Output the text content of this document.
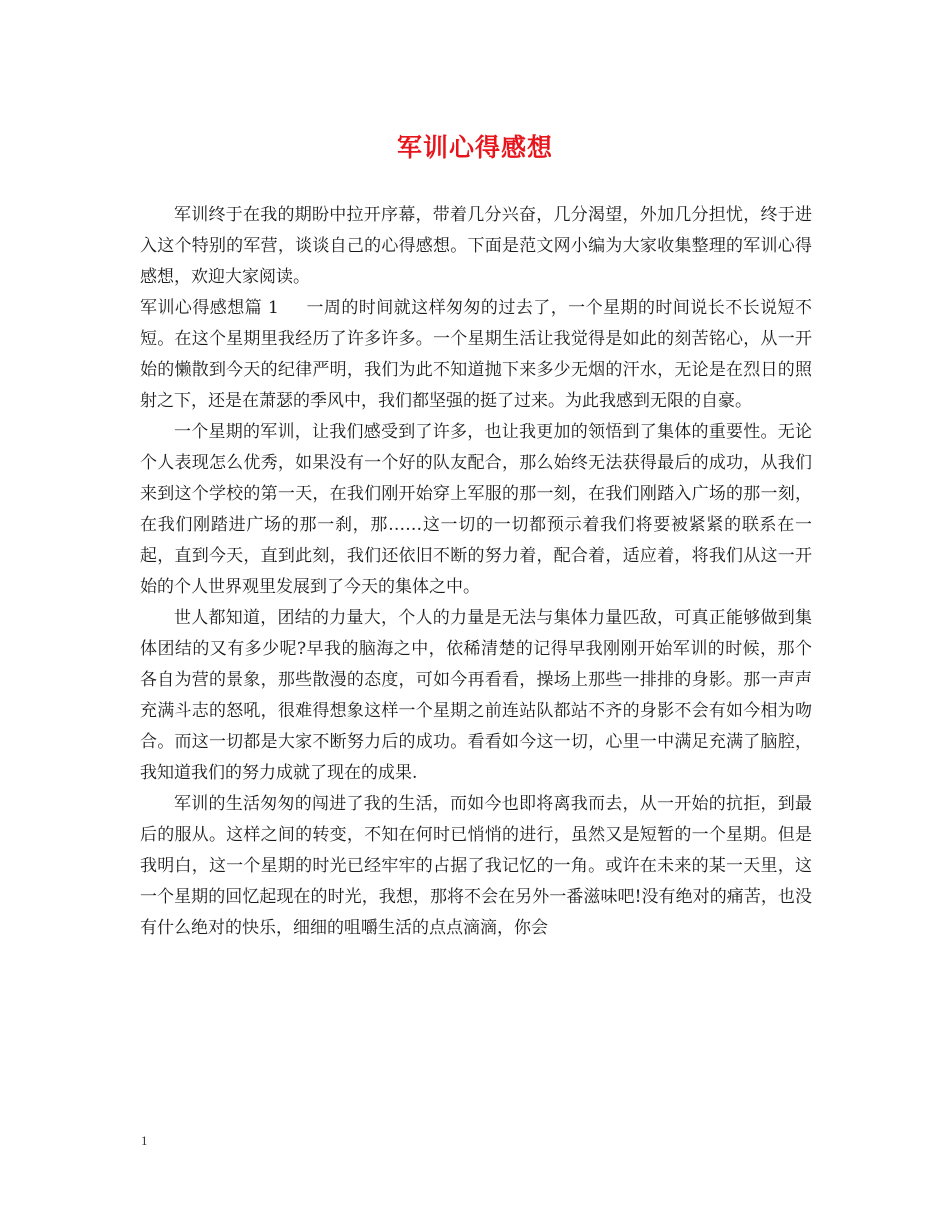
军训心得感想

军训终于在我的期盼中拉开序幕，带着几分兴奋，几分渴望，外加几分担忧，终于进入这个特别的军营，谈谈自己的心得感想。下面是范文网小编为大家收集整理的军训心得感想，欢迎大家阅读。

军训心得感想篇 1 一周的时间就这样匆匆的过去了，一个星期的时间说长不长说短不短。在这个星期里我经历了许多许多。一个星期生活让我觉得是如此的刻苦铭心，从一开始的懒散到今天的纪律严明，我们为此不知道抛下来多少无烟的汗水，无论是在烈日的照射之下，还是在萧瑟的季风中，我们都坚强的挺了过来。为此我感到无限的自豪。

一个星期的军训，让我们感受到了许多，也让我更加的领悟到了集体的重要性。无论个人表现怎么优秀，如果没有一个好的队友配合，那么始终无法获得最后的成功，从我们来到这个学校的第一天，在我们刚开始穿上军服的那一刻，在我们刚踏入广场的那一刻，在我们刚踏进广场的那一刹，那……这一切的一切都预示着我们将要被紧紧的联系在一起，直到今天，直到此刻，我们还依旧不断的努力着，配合着，适应着，将我们从这一开始的个人世界观里发展到了今天的集体之中。

世人都知道，团结的力量大，个人的力量是无法与集体力量匹敌，可真正能够做到集体团结的又有多少呢?早我的脑海之中，依稀清楚的记得早我刚刚开始军训的时候，那个各自为营的景象，那些散漫的态度，可如今再看看，操场上那些一排排的身影。那一声声充满斗志的怒吼，很难得想象这样一个星期之前连站队都站不齐的身影不会有如今相为吻合。而这一切都是大家不断努力后的成功。看看如今这一切，心里一中满足充满了脑腔，我知道我们的努力成就了现在的成果.

军训的生活匆匆的闯进了我的生活，而如今也即将离我而去，从一开始的抗拒，到最后的服从。这样之间的转变，不知在何时已悄悄的进行，虽然又是短暂的一个星期。但是我明白，这一个星期的时光已经牢牢的占据了我记忆的一角。或许在未来的某一天里，这一个星期的回忆起现在的时光，我想，那将不会在另外一番滋味吧!没有绝对的痛苦，也没有什么绝对的快乐，细细的咀嚼生活的点点滴滴，你会

1
